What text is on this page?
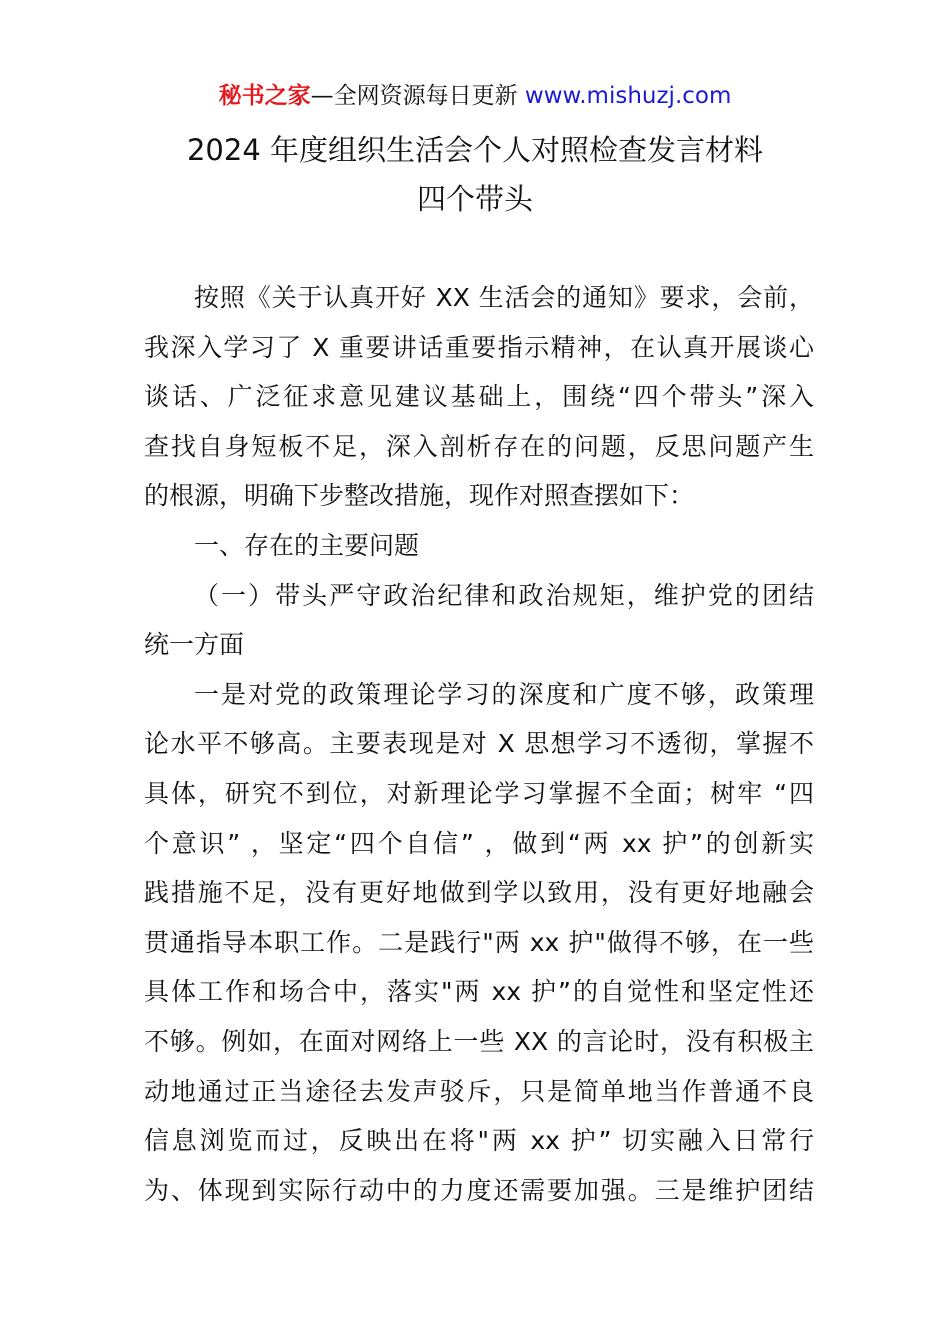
秘书之家—全网资源每日更新 www.mishuzj.com
2024 年度组织生活会个人对照检查发言材料
四个带头
按照《关于认真开好 XX 生活会的通知》要求，会前，
我深入学习了 X 重要讲话重要指示精神，在认真开展谈心
谈话、广泛征求意见建议基础上，围绕“四个带头”深入
查找自身短板不足，深入剖析存在的问题，反思问题产生
的根源，明确下步整改措施，现作对照查摆如下：
一、存在的主要问题
（一）带头严守政治纪律和政治规矩，维护党的团结
统一方面
一是对党的政策理论学习的深度和广度不够，政策理
论水平不够高。主要表现是对 X 思想学习不透彻，掌握不
具体，研究不到位，对新理论学习掌握不全面；树牢 “四
个意识” ，坚定“四个自信” ，做到“两 xx 护”的创新实
践措施不足，没有更好地做到学以致用，没有更好地融会
贯通指导本职工作。二是践行"两 xx 护"做得不够，在一些
具体工作和场合中，落实"两 xx 护”的自觉性和坚定性还
不够。例如，在面对网络上一些 XX 的言论时，没有积极主
动地通过正当途径去发声驳斥，只是简单地当作普通不良
信息浏览而过，反映出在将"两 xx 护” 切实融入日常行
为、体现到实际行动中的力度还需要加强。三是维护团结
